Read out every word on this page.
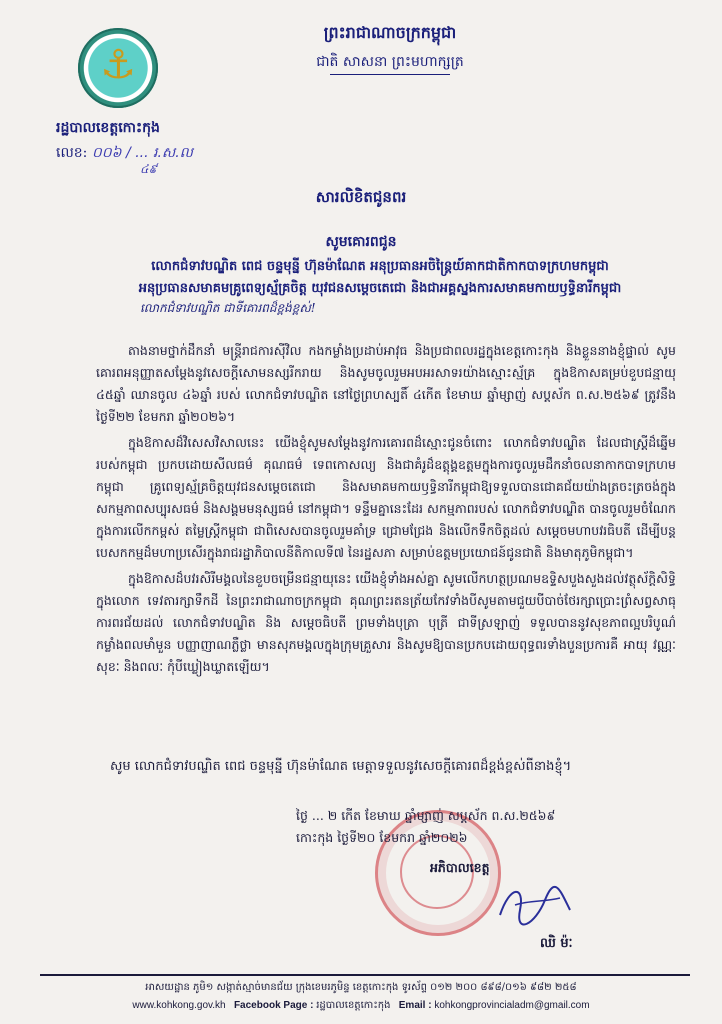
⚓
រដ្ឋបាលខេត្តកោះកុង
លេខ: ០០៦ / ... រ.ស.ល
៤៩
ព្រះរាជាណាចក្រកម្ពុជា
ជាតិ សាសនា ព្រះមហាក្សត្រ
សារលិខិតជូនពរ
សូមគោរពជូន
លោកជំទាវបណ្ឌិត ពេជ ចន្ទមុន្នី ហ៊ុនម៉ាណែត អនុប្រធានអចិន្ត្រៃយ៍គាកជាតិកាកបាទក្រហមកម្ពុជា
អនុប្រធានសមាគមគ្រូពេទ្យស្ម័គ្រចិត្ត យុវជនសម្តេចតេជោ និងជាអគ្គស្នងការសមាគមកាយឫទ្ធិនារីកម្ពុជា
លោកជំទាវបណ្ឌិត ជាទីគោរពដ៏ខ្ពង់ខ្ពស់!

តាងនាមថ្នាក់ដឹកនាំ មន្ត្រីរាជការស៊ីវិល កងកម្លាំងប្រដាប់អាវុធ និងប្រជាពលរដ្ឋក្នុងខេត្តកោះកុង និងខ្លួននាងខ្ញុំផ្ទាល់ សូមគោរពអនុញ្ញាតសម្តែងនូវសេចក្តីសោមនស្សរីករាយ និងសូមចូលរួមអបអរសាទរយ៉ាងស្មោះស្ម័គ្រ ក្នុងឱកាសគម្រប់ខួបជន្មាយុ ៤៥ឆ្នាំ ឈានចូល ៤៦ឆ្នាំ របស់ លោកជំទាវបណ្ឌិត នៅថ្ងៃព្រហស្បតិ៍ ៤កើត ខែមាឃ ឆ្នាំម្សាញ់ សប្តស័ក ព.ស.២៥៦៩ ត្រូវនឹងថ្ងៃទី២២ ខែមករា ឆ្នាំ២០២៦។

ក្នុងឱកាសដ៏វិសេសវិសាលនេះ យើងខ្ញុំសូមសម្តែងនូវការគោរពដ៏ស្មោះជូនចំពោះ លោកជំទាវបណ្ឌិត ដែលជាស្ត្រីដ៏ឆ្នើមរបស់កម្ពុជា ប្រកបដោយសីលធម៌ គុណធម៌ ទេពកោសល្យ និងជាគំរូដ៏ឧត្តុង្គឧត្តមក្នុងការចូលរួមដឹកនាំចលនាកាកបាទក្រហមកម្ពុជា គ្រូពេទ្យស្ម័គ្រចិត្តយុវជនសម្តេចតេជោ និងសមាគមកាយឫទ្ធិនារីកម្ពុជាឱ្យទទួលបានជោគជ័យយ៉ាងត្រចះត្រចង់ក្នុងសកម្មភាពសប្បុរសធម៌ និងសង្គមមនុស្សធម៌ នៅកម្ពុជា។ ទន្ទឹមគ្នានេះដែរ សកម្មភាពរបស់ លោកជំទាវបណ្ឌិត បានចូលរួមចំណែកក្នុងការលើកកម្ពស់ តម្លៃស្ត្រីកម្ពុជា ជាពិសេសបានចូលរួមគាំទ្រ ជ្រោមជ្រែង និងលើកទឹកចិត្តដល់ សម្តេចមហាបវរធិបតី ដើម្បីបន្តបេសកកម្មដ៏មហាប្រសើរក្នុងរាជរដ្ឋាភិបាលនីតិកាលទី៧ នៃរដ្ឋសភា សម្រាប់ឧត្តមប្រយោជន៍ជូនជាតិ និងមាតុភូមិកម្ពុជា។

ក្នុងឱកាសដ៏បវរសិរីមង្គលនៃខួបចម្រើនជន្មាយុនេះ យើងខ្ញុំទាំងអស់គ្នា សូមលើកហត្ថប្រណមឧទ្ទិសបួងសួងដល់វត្ថុស័ក្តិសិទ្ធិក្នុងលោក ទេវតារក្សាទឹកដី នៃព្រះរាជាណាចក្រកម្ពុជា គុណព្រះរតនត្រ័យកែវទាំងបីសូមតាមជួយបីបាច់ថែរក្សាប្រោះព្រំសព្វសាធុការពរជ័យដល់ លោកជំទាវបណ្ឌិត និង សម្តេចធិបតី ព្រមទាំងបុត្រា បុត្រី ជាទីស្រឡាញ់ ទទួលបាននូវសុខភាពល្អបរិបូណ៌ កម្លាំងពលមាំមួន បញ្ញាញាណភ្លឺថ្លា មានសុភមង្គលក្នុងក្រុមគ្រួសារ និងសូមឱ្យបានប្រកបដោយពុទ្ធពរទាំងបួនប្រការគឺ អាយុ វណ្ណៈ សុខៈ និងពលៈ កុំបីឃ្លៀងឃ្លាតឡើយ។

សូម លោកជំទាវបណ្ឌិត ពេជ ចន្ទមុន្នី ហ៊ុនម៉ាណែត មេត្តាទទួលនូវសេចក្តីគោរពដ៏ខ្ពង់ខ្ពស់ពីនាងខ្ញុំ។
ថ្ងៃ ... ២ កើត ខែមាឃ ឆ្នាំម្សាញ់ សប្តស័ក ព.ស.២៥៦៩
កោះកុង ថ្ងៃទី២០ ខែមករា ឆ្នាំ២០២៦
អភិបាលខេត្ត
ឈិ ម៉ៈ
អាសយដ្ឋាន ភូមិ១ សង្កាត់ស្មាច់មានជ័យ ក្រុងខេមរភូមិន្ទ ខេត្តកោះកុង ទូរស័ព្ទ ០១២ ២០០ ៨៩៨/០១៦ ៩៨២ ២៥៨
www.kohkong.gov.kh Facebook Page : រដ្ឋបាលខេត្តកោះកុង Email : kohkongprovincialadm@gmail.com
